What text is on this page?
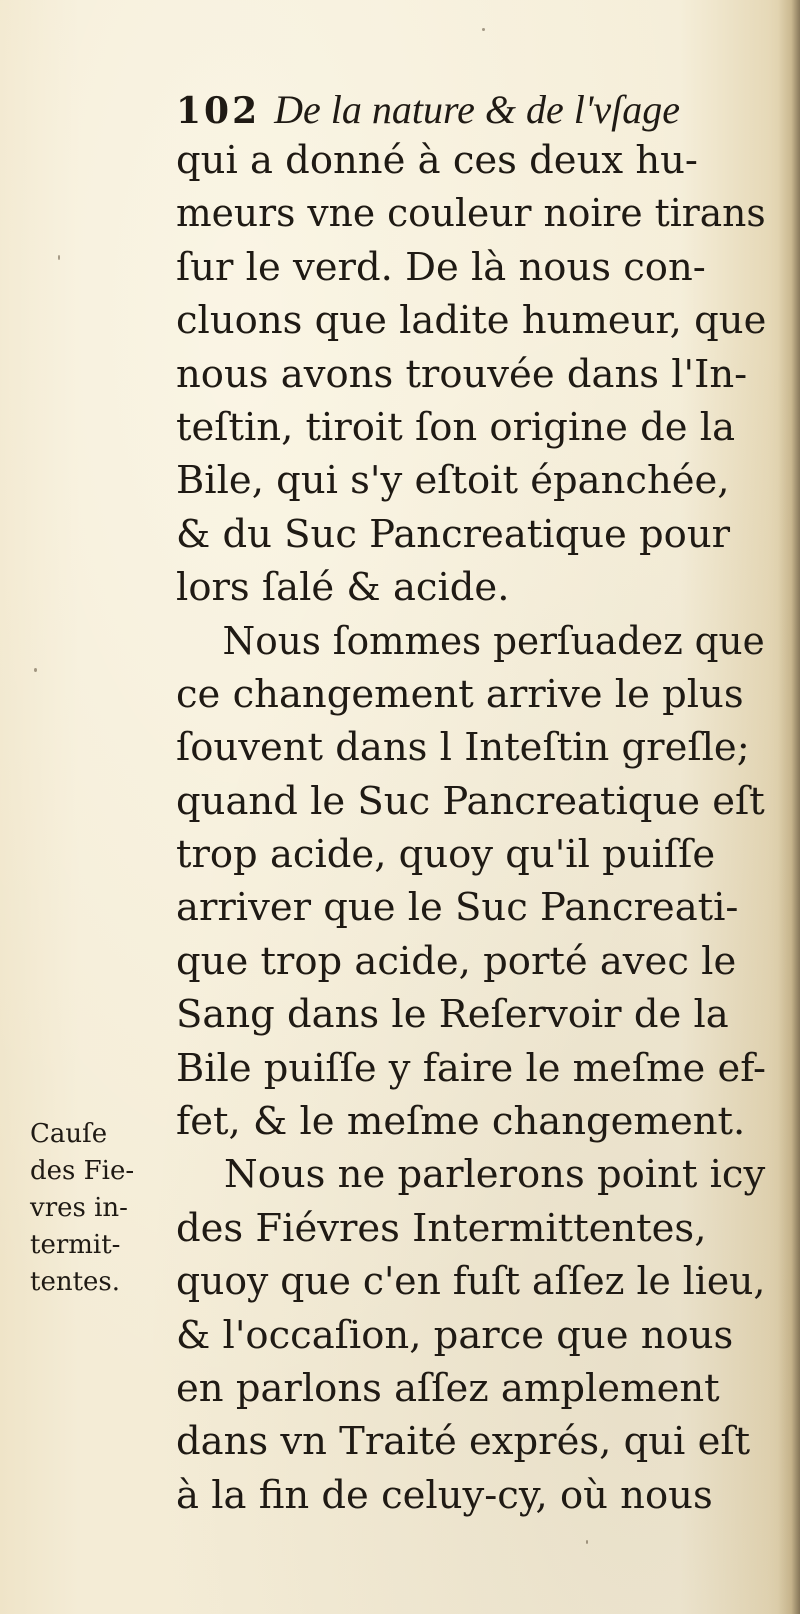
102 De la nature & de l'vſage
qui a donné à ces deux hu-
meurs vne couleur noire tirans
ſur le verd. De là nous con-
cluons que ladite humeur, que
nous avons trouvée dans l'In-
teſtin, tiroit ſon origine de la
Bile, qui s'y eſtoit épanchée,
& du Suc Pancreatique pour
lors ſalé & acide.
Nous ſommes perſuadez que
ce changement arrive le plus
ſouvent dans l Inteſtin greſle;
quand le Suc Pancreatique eſt
trop acide, quoy qu'il puiſſe
arriver que le Suc Pancreati-
que trop acide, porté avec le
Sang dans le Reſervoir de la
Bile puiſſe y faire le meſme ef-
fet, & le meſme changement.
Nous ne parlerons point icy
des Fiévres Intermittentes,
quoy que c'en fuſt aſſez le lieu,
& l'occaſion, parce que nous
en parlons aſſez amplement
dans vn Traité exprés, qui eſt
à la fin de celuy-cy, où nous
Cauſe
des Fie-
vres in-
termit-
tentes.
